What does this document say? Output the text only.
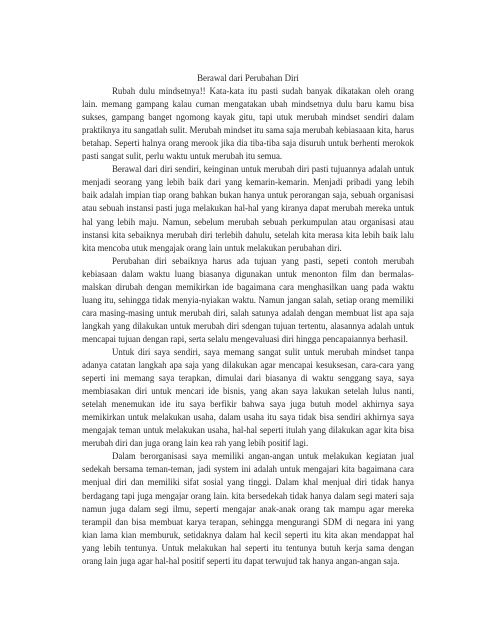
Berawal dari Perubahan Diri

Rubah dulu mindsetnya!! Kata-kata itu pasti sudah banyak dikatakan oleh orang lain. memang gampang kalau cuman mengatakan ubah mindsetnya dulu baru kamu bisa sukses, gampang banget ngomong kayak gitu, tapi utuk merubah mindset sendiri dalam praktiknya itu sangatlah sulit. Merubah mindset itu sama saja merubah kebiasaaan kita, harus betahap. Seperti halnya orang merook jika dia tiba-tiba saja disuruh untuk berhenti merokok pasti sangat sulit, perlu waktu untuk merubah itu semua.

Berawal dari diri sendiri, keinginan untuk merubah diri pasti tujuannya adalah untuk menjadi seorang yang lebih baik dari yang kemarin-kemarin. Menjadi pribadi yang lebih baik adalah impian tiap orang bahkan bukan hanya untuk perorangan saja, sebuah organisasi atau sebuah instansi pasti juga melakukan hal-hal yang kiranya dapat merubah mereka untuk hal yang lebih maju. Namun, sebelum merubah sebuah perkumpulan atau organisasi atau instansi kita sebaiknya merubah diri terlebih dahulu, setelah kita merasa kita lebih baik lalu kita mencoba utuk mengajak orang lain untuk melakukan perubahan diri.

Perubahan diri sebaiknya harus ada tujuan yang pasti, sepeti contoh merubah kebiasaan dalam waktu luang biasanya digunakan untuk menonton film dan bermalas-malskan dirubah dengan memikirkan ide bagaimana cara menghasilkan uang pada waktu luang itu, sehingga tidak menyia-nyiakan waktu. Namun jangan salah, setiap orang memiliki cara masing-masing untuk merubah diri, salah satunya adalah dengan membuat list apa saja langkah yang dilakukan untuk merubah diri sdengan tujuan tertentu, alasannya adalah untuk mencapai tujuan dengan rapi, serta selalu mengevaluasi diri hingga pencapaiannya berhasil.

Untuk diri saya sendiri, saya memang sangat sulit untuk merubah mindset tanpa adanya catatan langkah apa saja yang dilakukan agar mencapai kesuksesan, cara-cara yang seperti ini memang saya terapkan, dimulai dari biasanya di waktu senggang saya, saya membiasakan diri untuk mencari ide bisnis, yang akan saya lakukan setelah lulus nanti, setelah menemukan ide itu saya berfikir bahwa saya juga butuh model akhirnya saya memikirkan untuk melakukan usaha, dalam usaha itu saya tidak bisa sendiri akhirnya saya mengajak teman untuk melakukan usaha, hal-hal seperti itulah yang dilakukan agar kita bisa merubah diri dan juga orang lain kea rah yang lebih positif lagi.

Dalam berorganisasi saya memiliki angan-angan untuk melakukan kegiatan jual sedekah bersama teman-teman, jadi system ini adalah untuk mengajari kita bagaimana cara menjual diri dan memiliki sifat sosial yang tinggi. Dalam khal menjual diri tidak hanya berdagang tapi juga mengajar orang lain. kita bersedekah tidak hanya dalam segi materi saja namun juga dalam segi ilmu, seperti mengajar anak-anak orang tak mampu agar mereka terampil dan bisa membuat karya terapan, sehingga mengurangi SDM di negara ini yang kian lama kian memburuk, setidaknya dalam hal kecil seperti itu kita akan mendappat hal yang lebih tentunya. Untuk melakukan hal seperti itu tentunya butuh kerja sama dengan orang lain juga agar hal-hal positif seperti itu dapat terwujud tak hanya angan-angan saja.
